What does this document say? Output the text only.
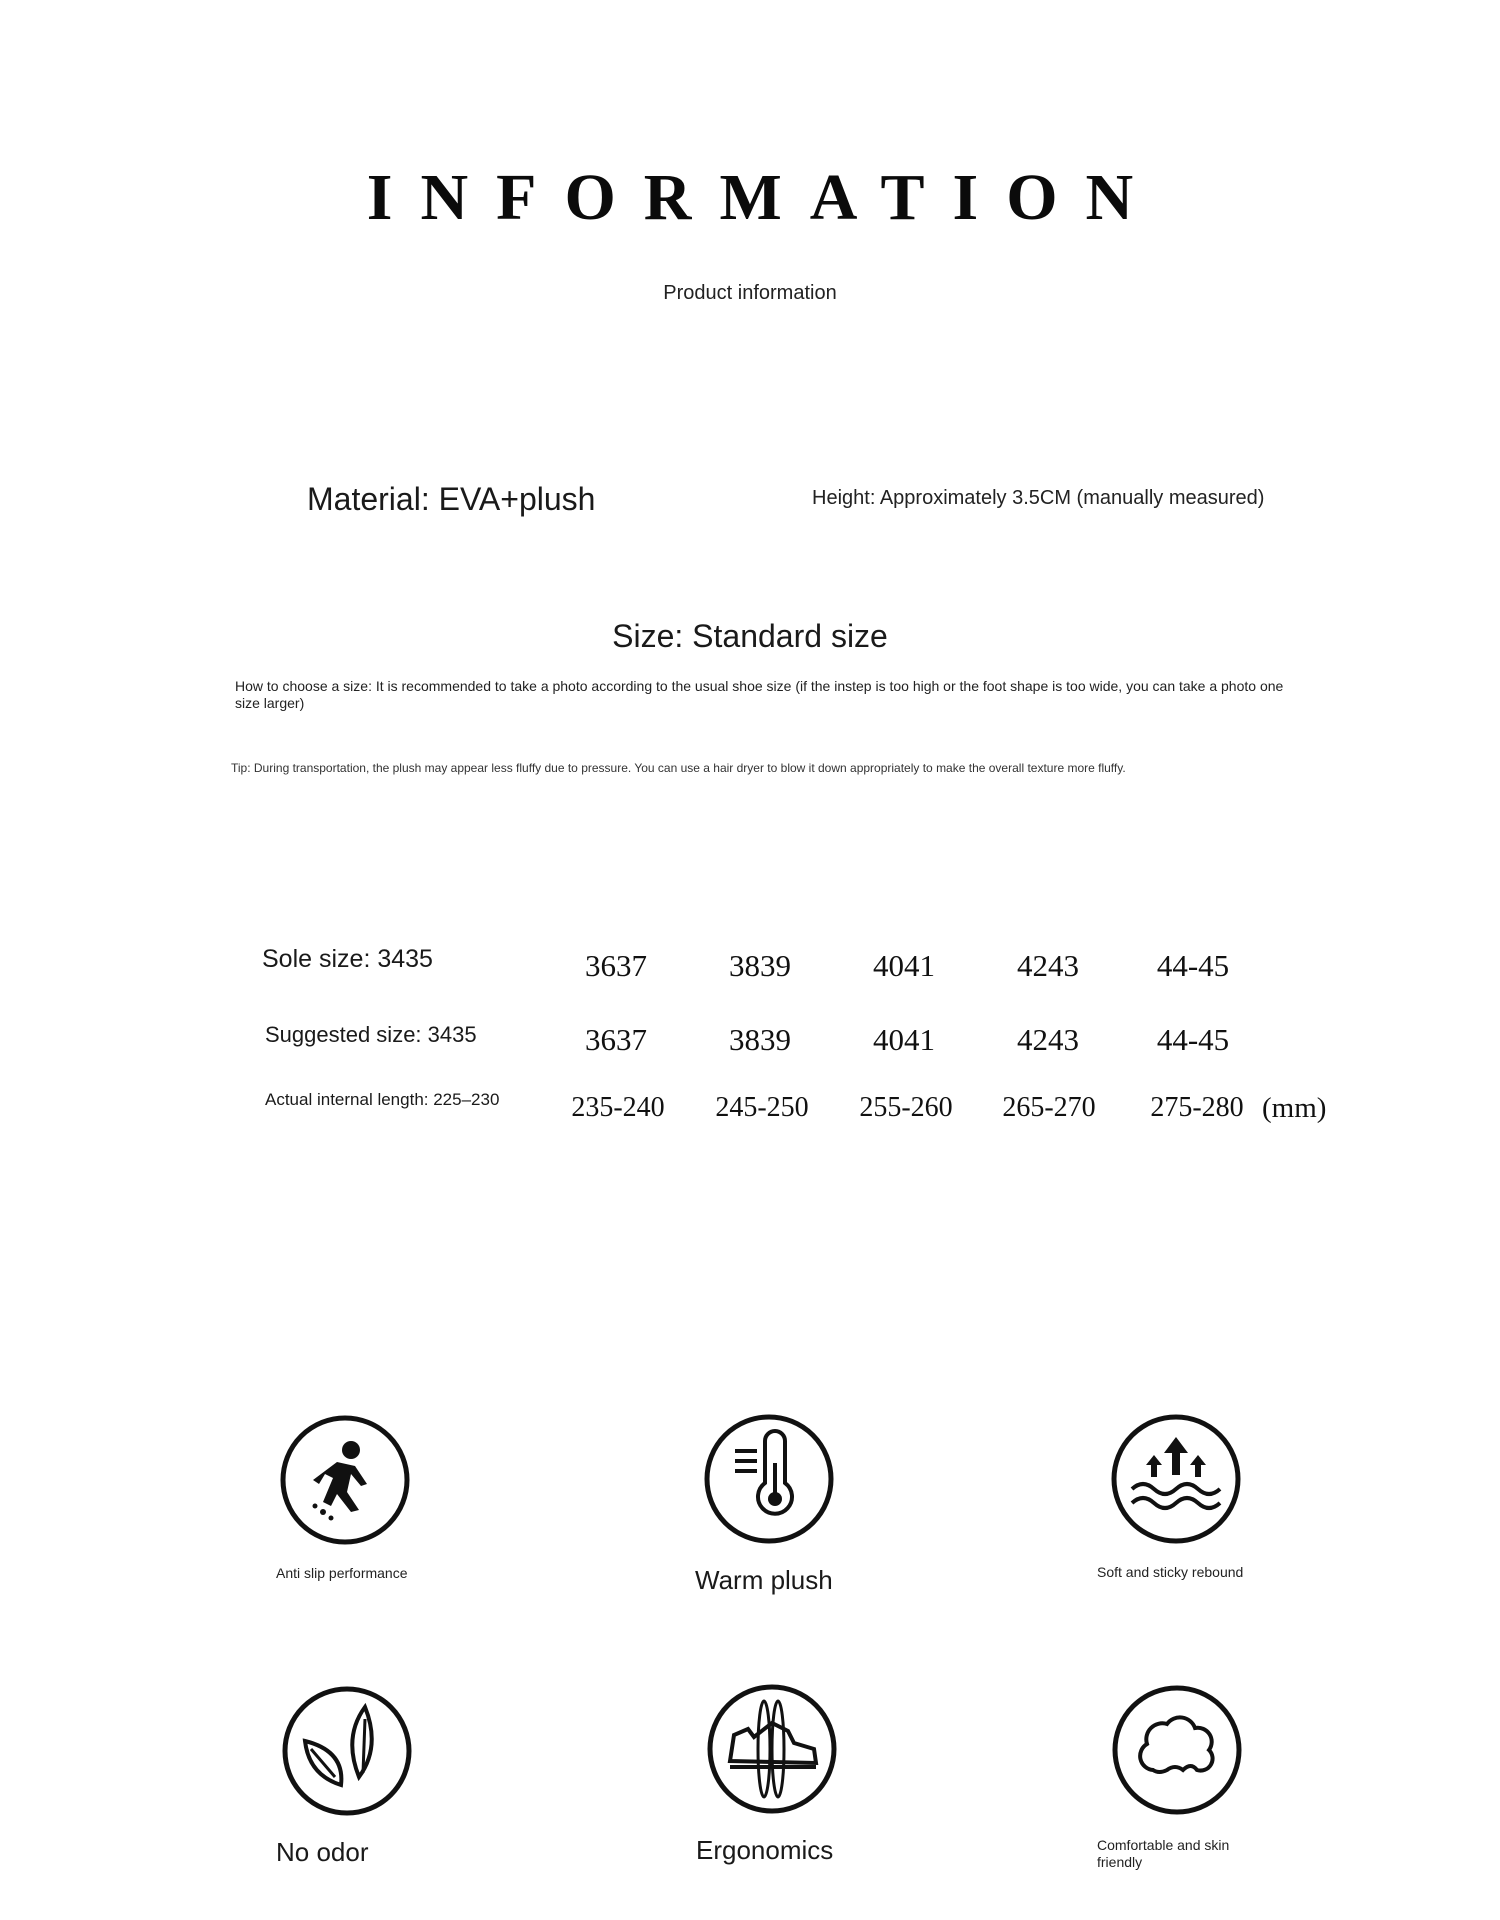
INFORMATION
Product information
Material: EVA+plush	Height: Approximately 3.5CM (manually measured)
Size: Standard size
How to choose a size: It is recommended to take a photo according to the usual shoe size (if the instep is too high or the foot shape is too wide, you can take a photo one size larger)
Tip: During transportation, the plush may appear less fluffy due to pressure. You can use a hair dryer to blow it down appropriately to make the overall texture more fluffy.
Sole size: 3435	3637	3839	4041	4243	44-45
Suggested size: 3435	3637	3839	4041	4243	44-45
Actual internal length: 225–230	235-240	245-250	255-260	265-270	275-280 (mm)
Anti slip performance	Warm plush	Soft and sticky rebound
No odor	Ergonomics	Comfortable and skin friendly
